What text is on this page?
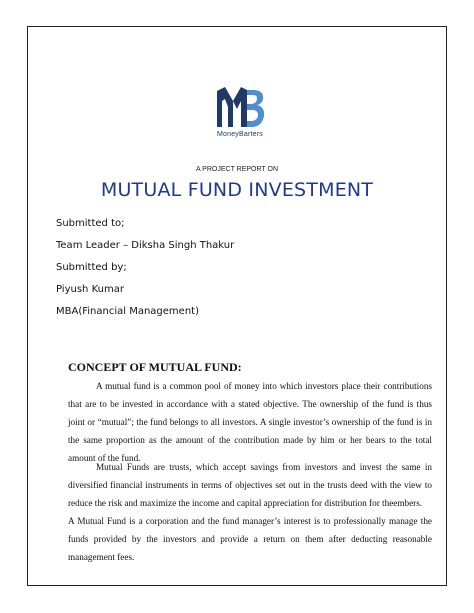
MoneyBarters
A PROJECT REPORT ON
MUTUAL FUND INVESTMENT
Submitted to;
Team Leader – Diksha Singh Thakur
Submitted by;
Piyush Kumar
MBA(Financial Management)
CONCEPT OF MUTUAL FUND:

A mutual fund is a common pool of money into which investors place their contributions that are to be invested in accordance with a stated objective. The ownership of the fund is thus joint or “mutual”; the fund belongs to all investors. A single investor’s ownership of the fund is in the same proportion as the amount of the contribution made by him or her bears to the total amount of the fund.

Mutual Funds are trusts, which accept savings from investors and invest the same in diversified financial instruments in terms of objectives set out in the trusts deed with the view to reduce the risk and maximize the income and capital appreciation for distribution for theembers.

A Mutual Fund is a corporation and the fund manager’s interest is to professionally manage the funds provided by the investors and provide a return on them after deducting reasonable management fees.
